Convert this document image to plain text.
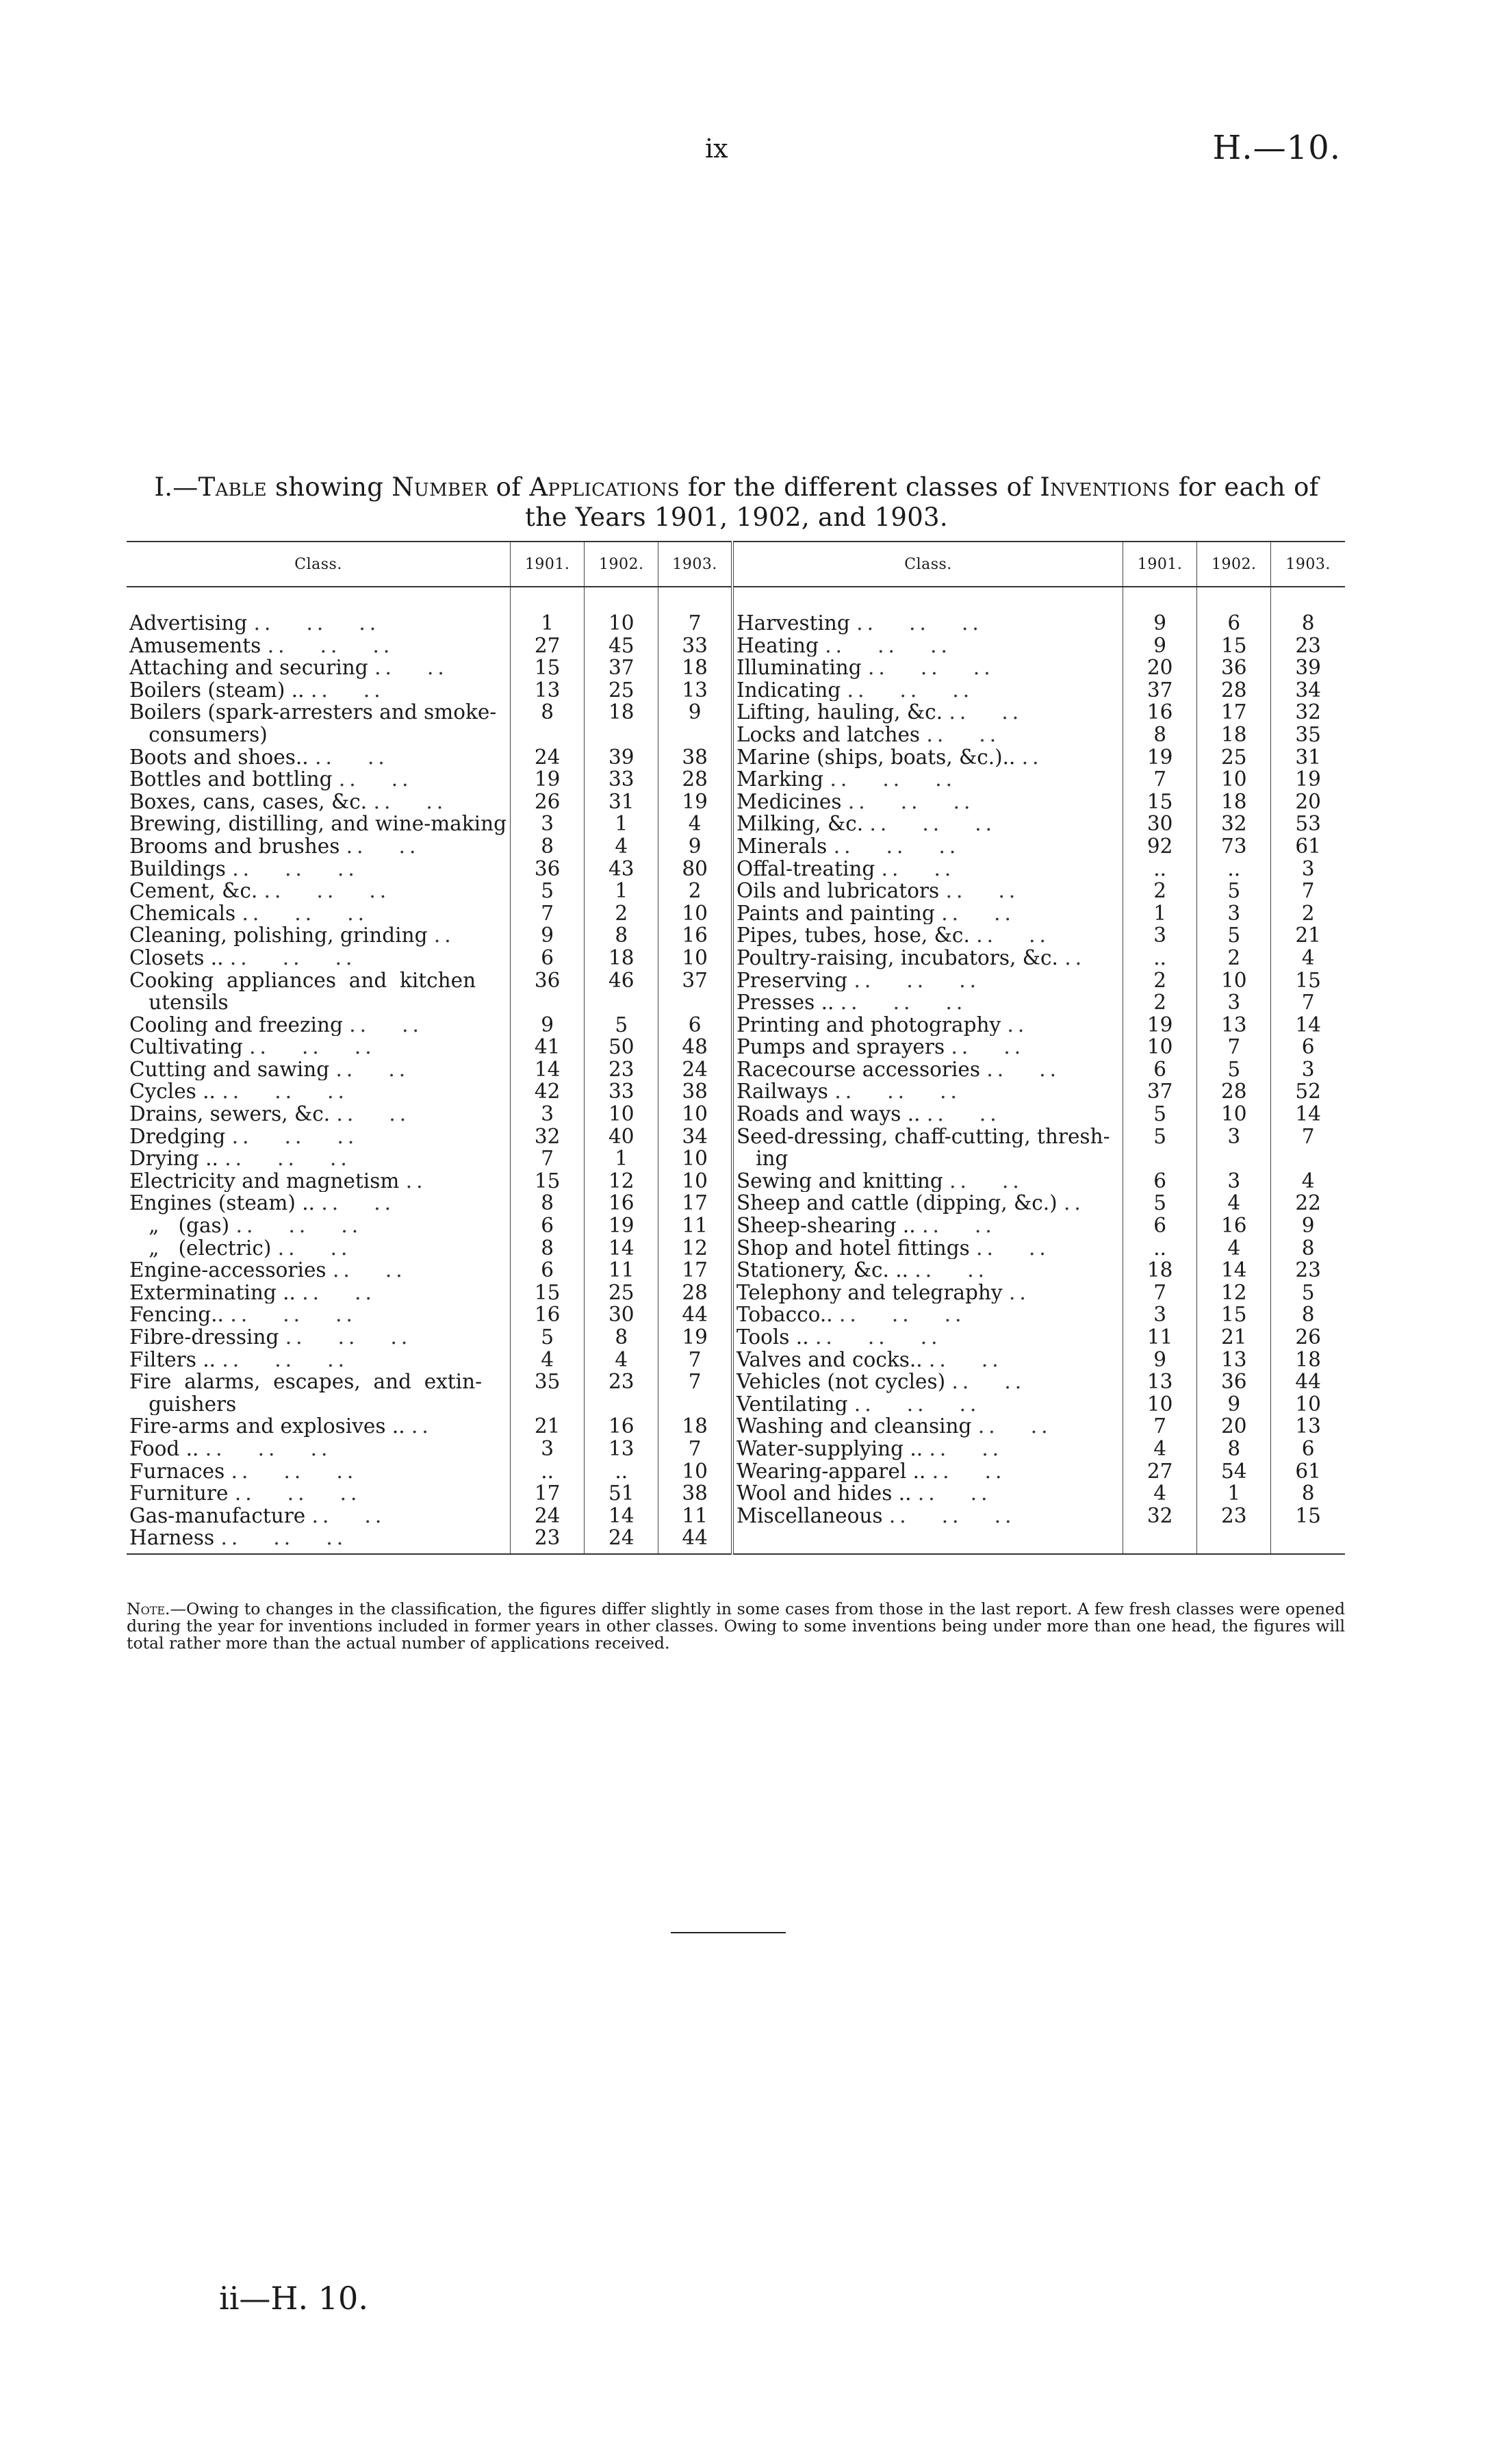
ix	H.—10.
I.—Table showing Number of Applications for the different classes of Inventions for each of the Years 1901, 1902, and 1903.
Class.	1901.	1902.	1903.	Class.	1901.	1902.	1903.
Advertising ..   ..   ..	1	10	7	Harvesting ..   ..   ..	9	6	8
Amusements ..   ..   ..	27	45	33	Heating ..   ..   ..	9	15	23
Attaching and securing ..   ..	15	37	18	Illuminating ..   ..   ..	20	36	39
Boilers (steam) .. ..   ..	13	25	13	Indicating ..   ..   ..	37	28	34
Boilers (spark-arresters and smoke-	8	18	9	Lifting, hauling, &c. ..   ..	16	17	32
consumers)				Locks and latches ..   ..	8	18	35
Boots and shoes.. ..   ..	24	39	38	Marine (ships, boats, &c.).. ..	19	25	31
Bottles and bottling ..   ..	19	33	28	Marking ..   ..   ..	7	10	19
Boxes, cans, cases, &c. ..   ..	26	31	19	Medicines ..   ..   ..	15	18	20
Brewing, distilling, and wine-making	3	1	4	Milking, &c. ..   ..   ..	30	32	53
Brooms and brushes ..   ..	8	4	9	Minerals ..   ..   ..	92	73	61
Buildings ..   ..   ..	36	43	80	Offal-treating ..   ..	..	..	3
Cement, &c. ..   ..   ..	5	1	2	Oils and lubricators ..   ..	2	5	7
Chemicals ..   ..   ..	7	2	10	Paints and painting ..   ..	1	3	2
Cleaning, polishing, grinding ..	9	8	16	Pipes, tubes, hose, &c. ..   ..	3	5	21
Closets .. ..   ..   ..	6	18	10	Poultry-raising, incubators, &c. ..	..	2	4
Cooking  appliances  and  kitchen	36	46	37	Preserving ..   ..   ..	2	10	15
utensils				Presses .. ..   ..   ..	2	3	7
Cooling and freezing ..   ..	9	5	6	Printing and photography ..	19	13	14
Cultivating ..   ..   ..	41	50	48	Pumps and sprayers ..   ..	10	7	6
Cutting and sawing ..   ..	14	23	24	Racecourse accessories ..   ..	6	5	3
Cycles .. ..   ..   ..	42	33	38	Railways ..   ..   ..	37	28	52
Drains, sewers, &c. ..   ..	3	10	10	Roads and ways .. ..   ..	5	10	14
Dredging ..   ..   ..	32	40	34	Seed-dressing, chaff-cutting, thresh-	5	3	7
Drying .. ..   ..   ..	7	1	10	ing			
Electricity and magnetism ..	15	12	10	Sewing and knitting ..   ..	6	3	4
Engines (steam) .. ..   ..	8	16	17	Sheep and cattle (dipping, &c.) ..	5	4	22
„   (gas) ..   ..   ..	6	19	11	Sheep-shearing .. ..   ..	6	16	9
„   (electric) ..   ..	8	14	12	Shop and hotel fittings ..   ..	..	4	8
Engine-accessories ..   ..	6	11	17	Stationery, &c. .. ..   ..	18	14	23
Exterminating .. ..   ..	15	25	28	Telephony and telegraphy ..	7	12	5
Fencing.. ..   ..   ..	16	30	44	Tobacco.. ..   ..   ..	3	15	8
Fibre-dressing ..   ..   ..	5	8	19	Tools .. ..   ..   ..	11	21	26
Filters .. ..   ..   ..	4	4	7	Valves and cocks.. ..   ..	9	13	18
Fire  alarms,  escapes,  and  extin-	35	23	7	Vehicles (not cycles) ..   ..	13	36	44
guishers				Ventilating ..   ..   ..	10	9	10
Fire-arms and explosives .. ..	21	16	18	Washing and cleansing ..   ..	7	20	13
Food .. ..   ..   ..	3	13	7	Water-supplying .. ..   ..	4	8	6
Furnaces ..   ..   ..	..	..	10	Wearing-apparel .. ..   ..	27	54	61
Furniture ..   ..   ..	17	51	38	Wool and hides .. ..   ..	4	1	8
Gas-manufacture ..   ..	24	14	11	Miscellaneous ..   ..   ..	32	23	15
Harness ..   ..   ..	23	24	44				
Note.—Owing to changes in the classification, the figures differ slightly in some cases from those in the last report. A few fresh classes were opened during the year for inventions included in former years in other classes. Owing to some inventions being under more than one head, the figures will total rather more than the actual number of applications received.
ii—H. 10.
